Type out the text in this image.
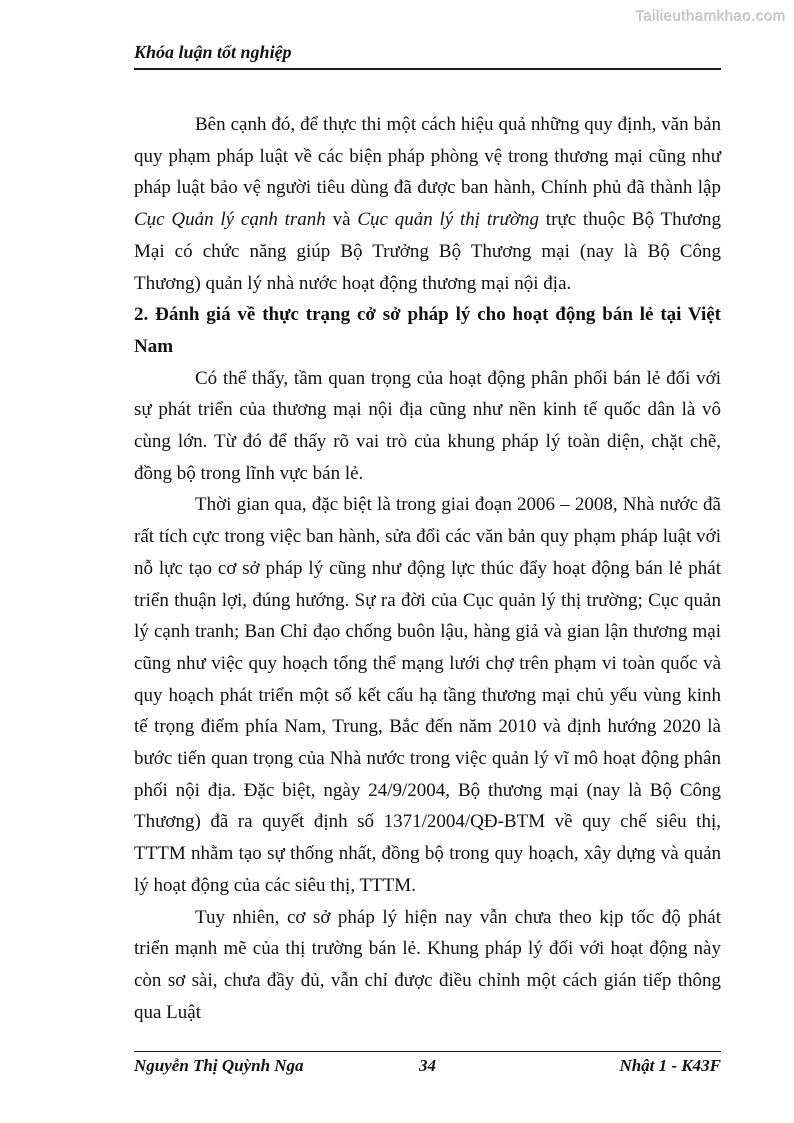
Tailieuthamkhao.com
Khóa luận tốt nghiệp

Bên cạnh đó, để thực thi một cách hiệu quả những quy định, văn bản quy phạm pháp luật về các biện pháp phòng vệ trong thương mại cũng như pháp luật bảo vệ người tiêu dùng đã được ban hành, Chính phủ đã thành lập Cục Quản lý cạnh tranh và Cục quản lý thị trường trực thuộc Bộ Thương Mại có chức năng giúp Bộ Trưởng Bộ Thương mại (nay là Bộ Công Thương) quản lý nhà nước hoạt động thương mại nội địa.

2. Đánh giá về thực trạng cở sở pháp lý cho hoạt động bán lẻ tại Việt Nam

Có thể thấy, tầm quan trọng của hoạt động phân phối bán lẻ đối với sự phát triển của thương mại nội địa cũng như nền kinh tế quốc dân là vô cùng lớn. Từ đó để thấy rõ vai trò của khung pháp lý toàn diện, chặt chẽ, đồng bộ trong lĩnh vực bán lẻ.

Thời gian qua, đặc biệt là trong giai đoạn 2006 – 2008, Nhà nước đã rất tích cực trong việc ban hành, sửa đổi các văn bản quy phạm pháp luật với nỗ lực tạo cơ sở pháp lý cũng như động lực thúc đẩy hoạt động bán lẻ phát triển thuận lợi, đúng hướng. Sự ra đời của Cục quản lý thị trường; Cục quản lý cạnh tranh; Ban Chỉ đạo chống buôn lậu, hàng giả và gian lận thương mại cũng như việc quy hoạch tổng thể mạng lưới chợ trên phạm vi toàn quốc và quy hoạch phát triển một số kết cấu hạ tầng thương mại chủ yếu vùng kinh tế trọng điểm phía Nam, Trung, Bắc đến năm 2010 và định hướng 2020 là bước tiến quan trọng của Nhà nước trong việc quản lý vĩ mô hoạt động phân phối nội địa. Đặc biệt, ngày 24/9/2004, Bộ thương mại (nay là Bộ Công Thương) đã ra quyết định số 1371/2004/QĐ-BTM về quy chế siêu thị, TTTM nhằm tạo sự thống nhất, đồng bộ trong quy hoạch, xây dựng và quản lý hoạt động của các siêu thị, TTTM.

Tuy nhiên, cơ sở pháp lý hiện nay vẫn chưa theo kịp tốc độ phát triển mạnh mẽ của thị trường bán lẻ. Khung pháp lý đối với hoạt động này còn sơ sài, chưa đầy đủ, vẫn chỉ được điều chỉnh một cách gián tiếp thông qua Luật

Nguyễn Thị Quỳnh Nga	34	Nhật 1 - K43F
